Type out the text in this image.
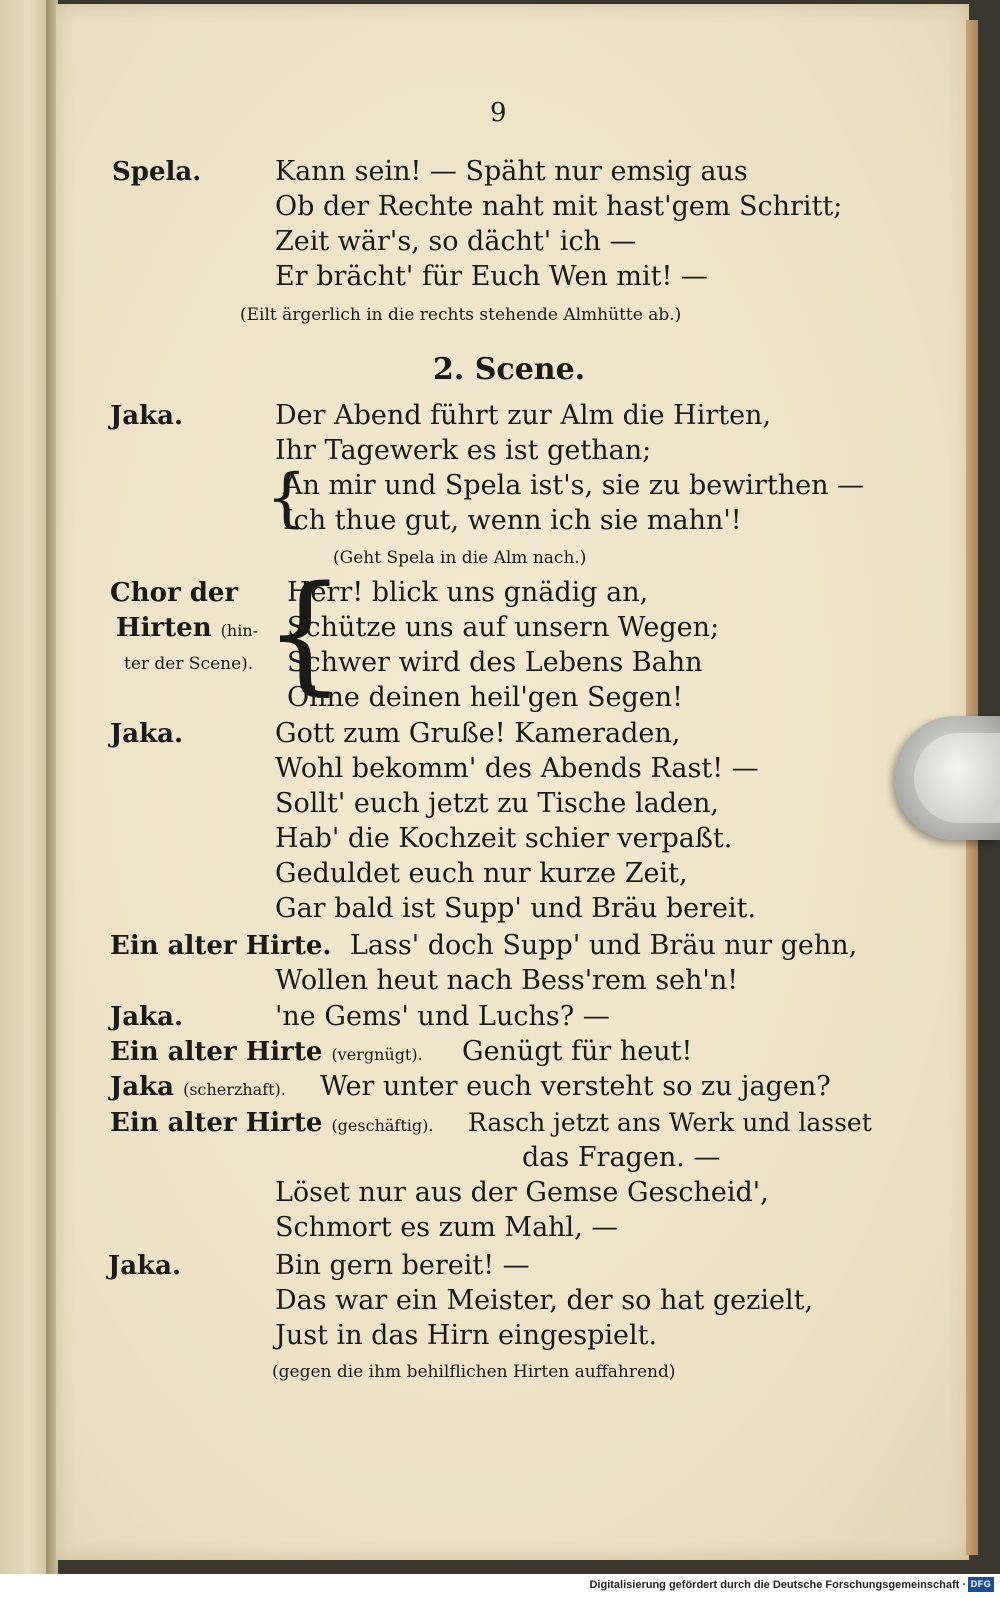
9
Spela.	Kann sein! — Späht nur emsig aus
Ob der Rechte naht mit hast'gem Schritt;
Zeit wär's, so dächt' ich —
Er brächt' für Euch Wen mit! —
(Eilt ärgerlich in die rechts stehende Almhütte ab.)
2. Scene.
Jaka.	Der Abend führt zur Alm die Hirten,
Ihr Tagewerk es ist gethan;
{
An mir und Spela ist's, sie zu bewirthen —
Ich thue gut, wenn ich sie mahn'!
(Geht Spela in die Alm nach.)
Chor der
Hirten (hin-
ter der Scene). {
Herr! blick uns gnädig an,
Schütze uns auf unsern Wegen;
Schwer wird des Lebens Bahn
Ohne deinen heil'gen Segen!
Jaka.	Gott zum Gruße! Kameraden,
Wohl bekomm' des Abends Rast! —
Sollt' euch jetzt zu Tische laden,
Hab' die Kochzeit schier verpaßt.
Geduldet euch nur kurze Zeit,
Gar bald ist Supp' und Bräu bereit.
Ein alter Hirte. Lass' doch Supp' und Bräu nur gehn,
Wollen heut nach Bess'rem seh'n!
Jaka.	'ne Gems' und Luchs? —
Ein alter Hirte (vergnügt). Genügt für heut!
Jaka (scherzhaft). Wer unter euch versteht so zu jagen?
Ein alter Hirte (geschäftig). Rasch jetzt ans Werk und lasset
das Fragen. —
Löset nur aus der Gemse Gescheid',
Schmort es zum Mahl, —
Jaka.	Bin gern bereit! —
Das war ein Meister, der so hat gezielt,
Just in das Hirn eingespielt.
(gegen die ihm behilflichen Hirten auffahrend)
Digitalisierung gefördert durch die Deutsche Forschungsgemeinschaft · DFG
